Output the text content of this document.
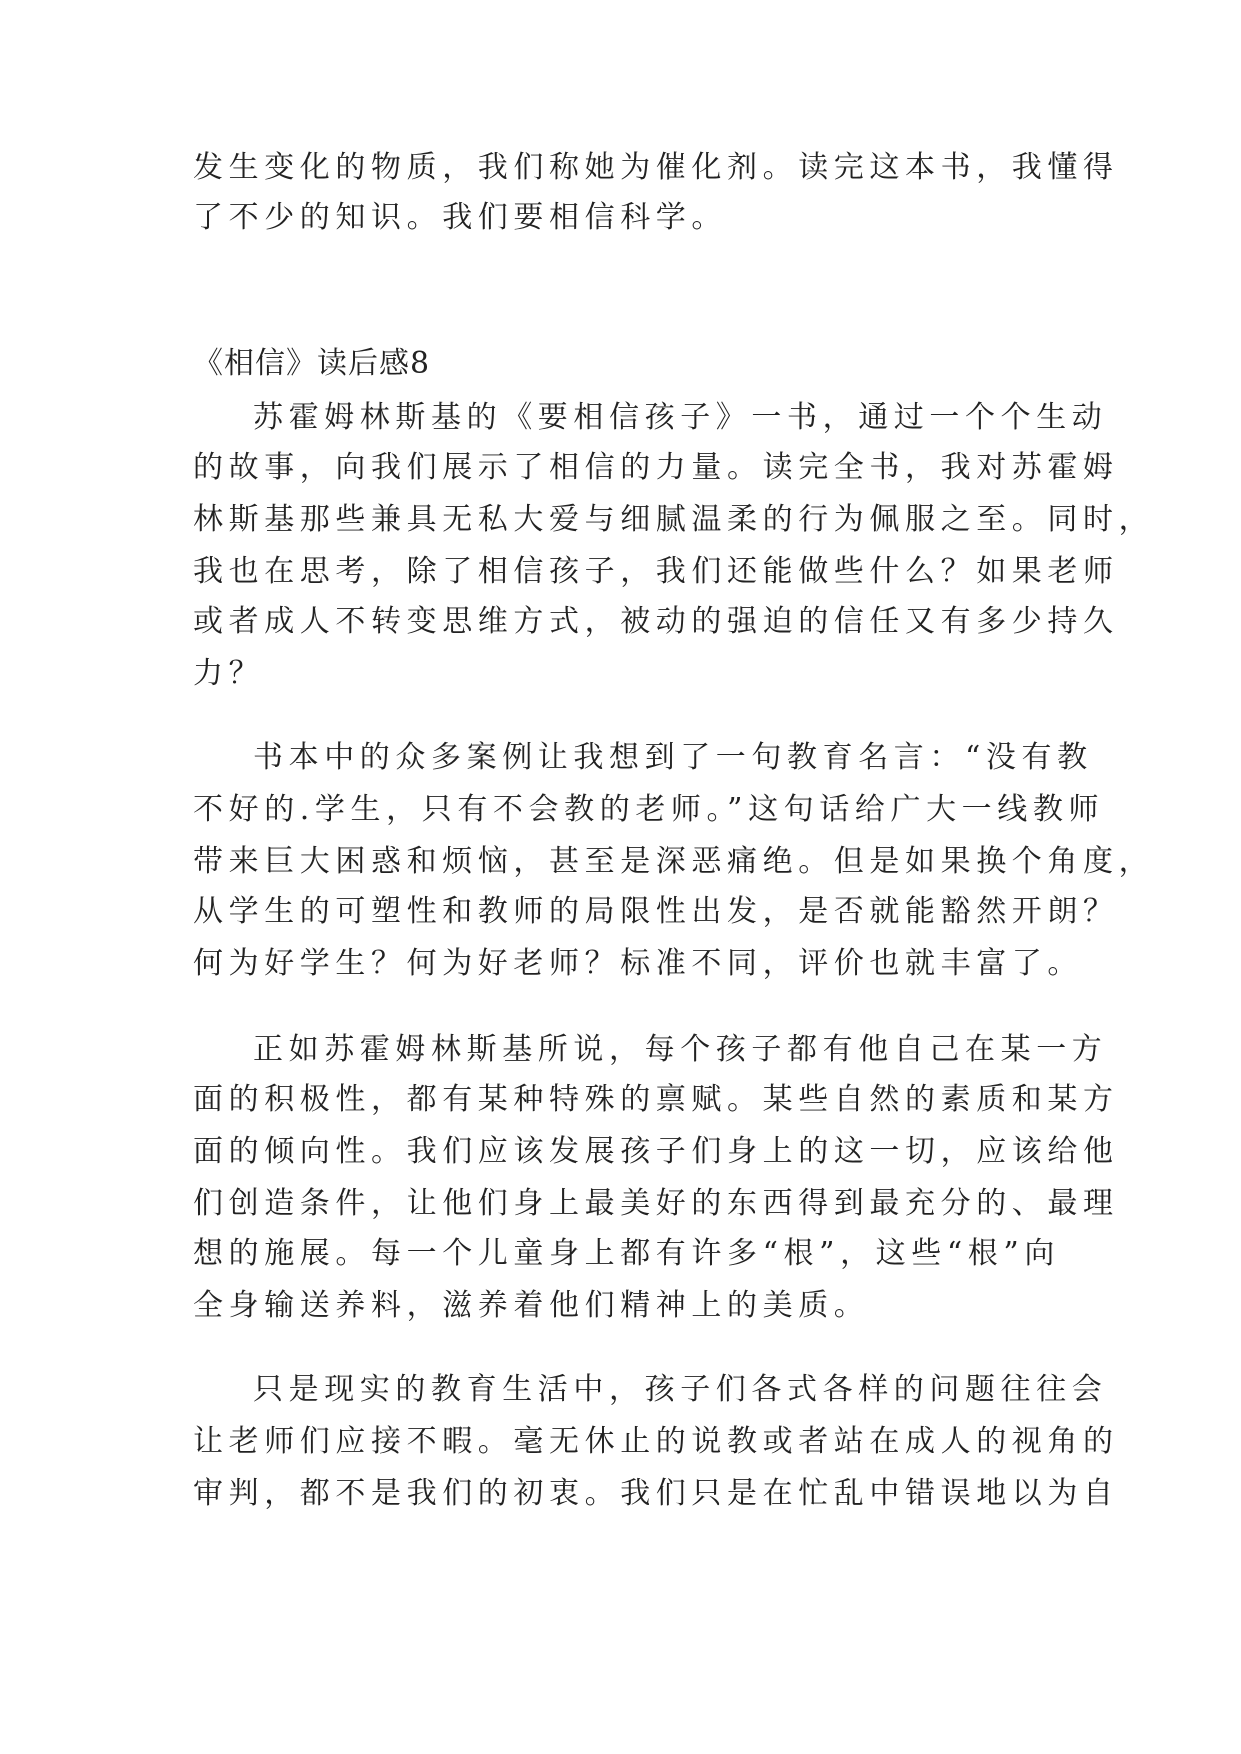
发生变化的物质，我们称她为催化剂。读完这本书，我懂得
了不少的知识。我们要相信科学。
《相信》读后感8
苏霍姆林斯基的《要相信孩子》一书，通过一个个生动
的故事，向我们展示了相信的力量。读完全书，我对苏霍姆
林斯基那些兼具无私大爱与细腻温柔的行为佩服之至。同时，
我也在思考，除了相信孩子，我们还能做些什么？如果老师
或者成人不转变思维方式，被动的强迫的信任又有多少持久
力？
书本中的众多案例让我想到了一句教育名言：“没有教
不好的.学生，只有不会教的老师。”这句话给广大一线教师
带来巨大困惑和烦恼，甚至是深恶痛绝。但是如果换个角度，
从学生的可塑性和教师的局限性出发，是否就能豁然开朗？
何为好学生？何为好老师？标准不同，评价也就丰富了。
正如苏霍姆林斯基所说，每个孩子都有他自己在某一方
面的积极性，都有某种特殊的禀赋。某些自然的素质和某方
面的倾向性。我们应该发展孩子们身上的这一切，应该给他
们创造条件，让他们身上最美好的东西得到最充分的、最理
想的施展。每一个儿童身上都有许多“根”，这些“根”向
全身输送养料，滋养着他们精神上的美质。
只是现实的教育生活中，孩子们各式各样的问题往往会
让老师们应接不暇。毫无休止的说教或者站在成人的视角的
审判，都不是我们的初衷。我们只是在忙乱中错误地以为自
